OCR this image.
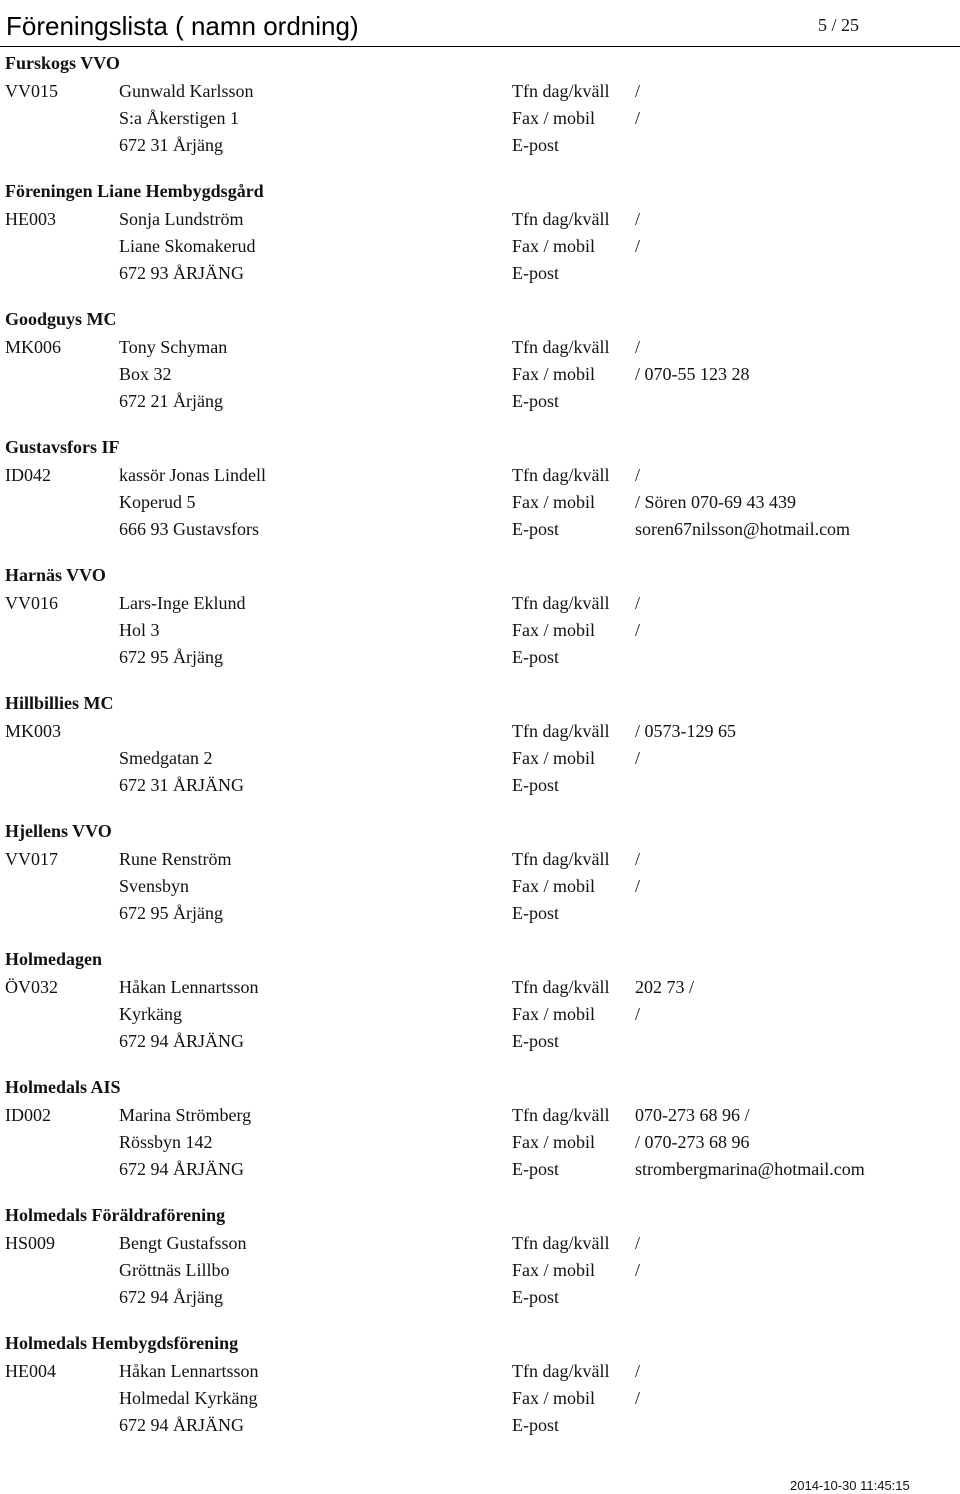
Föreningslista ( namn ordning)	5 / 25
Furskogs VVO
VV015	Gunwald Karlsson	Tfn dag/kväll /
S:a Åkerstigen 1	Fax / mobil /
672 31 Årjäng	E-post
Föreningen Liane Hembygdsgård
HE003	Sonja Lundström	Tfn dag/kväll /
Liane Skomakerud	Fax / mobil /
672 93 ÅRJÄNG	E-post
Goodguys MC
MK006	Tony Schyman	Tfn dag/kväll /
Box 32	Fax / mobil / 070-55 123 28
672 21 Årjäng	E-post
Gustavsfors IF
ID042	kassör Jonas Lindell	Tfn dag/kväll /
Koperud 5	Fax / mobil / Sören 070-69 43 439
666 93 Gustavsfors	E-post	soren67nilsson@hotmail.com
Harnäs VVO
VV016	Lars-Inge Eklund	Tfn dag/kväll /
Hol 3	Fax / mobil /
672 95 Årjäng	E-post
Hillbillies MC
MK003	Tfn dag/kväll / 0573-129 65
Smedgatan 2	Fax / mobil /
672 31 ÅRJÄNG	E-post
Hjellens VVO
VV017	Rune Renström	Tfn dag/kväll /
Svensbyn	Fax / mobil /
672 95 Årjäng	E-post
Holmedagen
ÖV032	Håkan Lennartsson	Tfn dag/kväll 202 73 /
Kyrkäng	Fax / mobil /
672 94 ÅRJÄNG	E-post
Holmedals AIS
ID002	Marina Strömberg	Tfn dag/kväll 070-273 68 96 /
Rössbyn 142	Fax / mobil / 070-273 68 96
672 94 ÅRJÄNG	E-post	strombergmarina@hotmail.com
Holmedals Föräldraförening
HS009	Bengt Gustafsson	Tfn dag/kväll /
Gröttnäs Lillbo	Fax / mobil /
672 94 Årjäng	E-post
Holmedals Hembygdsförening
HE004	Håkan Lennartsson	Tfn dag/kväll /
Holmedal Kyrkäng	Fax / mobil /
672 94 ÅRJÄNG	E-post
2014-10-30 11:45:15
